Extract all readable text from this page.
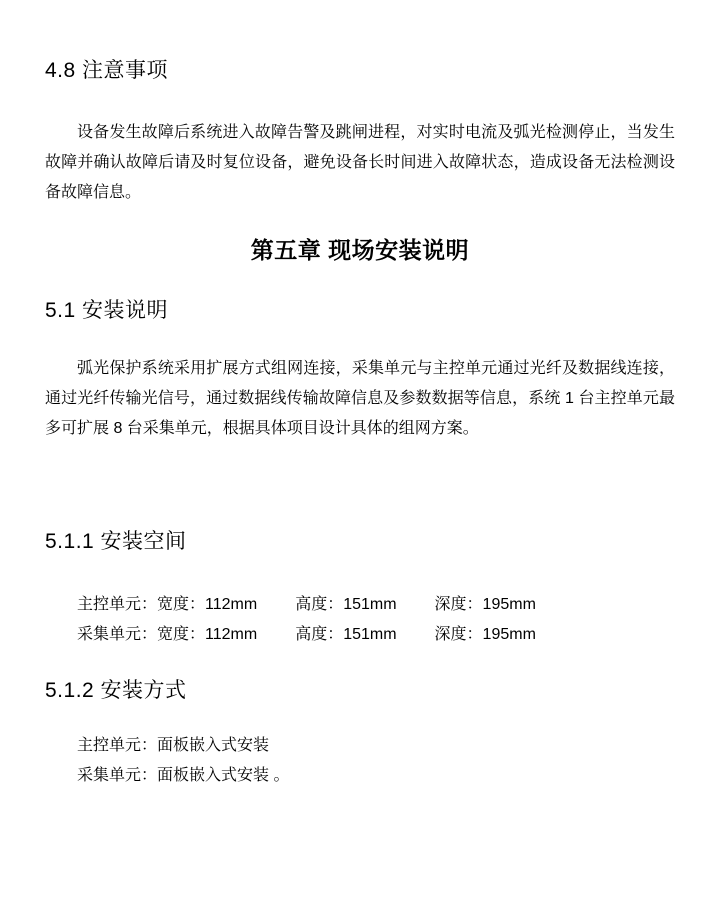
4.8 注意事项

设备发生故障后系统进入故障告警及跳闸进程，对实时电流及弧光检测停止，当发生故障并确认故障后请及时复位设备，避免设备长时间进入故障状态，造成设备无法检测设备故障信息。

第五章 现场安装说明
5.1 安装说明

弧光保护系统采用扩展方式组网连接，采集单元与主控单元通过光纤及数据线连接，通过光纤传输光信号，通过数据线传输故障信息及参数数据等信息，系统 1 台主控单元最多可扩展 8 台采集单元，根据具体项目设计具体的组网方案。

5.1.1 安装空间
主控单元：宽度：112mm 高度：151mm 深度：195mm
采集单元：宽度：112mm 高度：151mm 深度：195mm
5.1.2 安装方式
主控单元：面板嵌入式安装
采集单元：面板嵌入式安装 。
